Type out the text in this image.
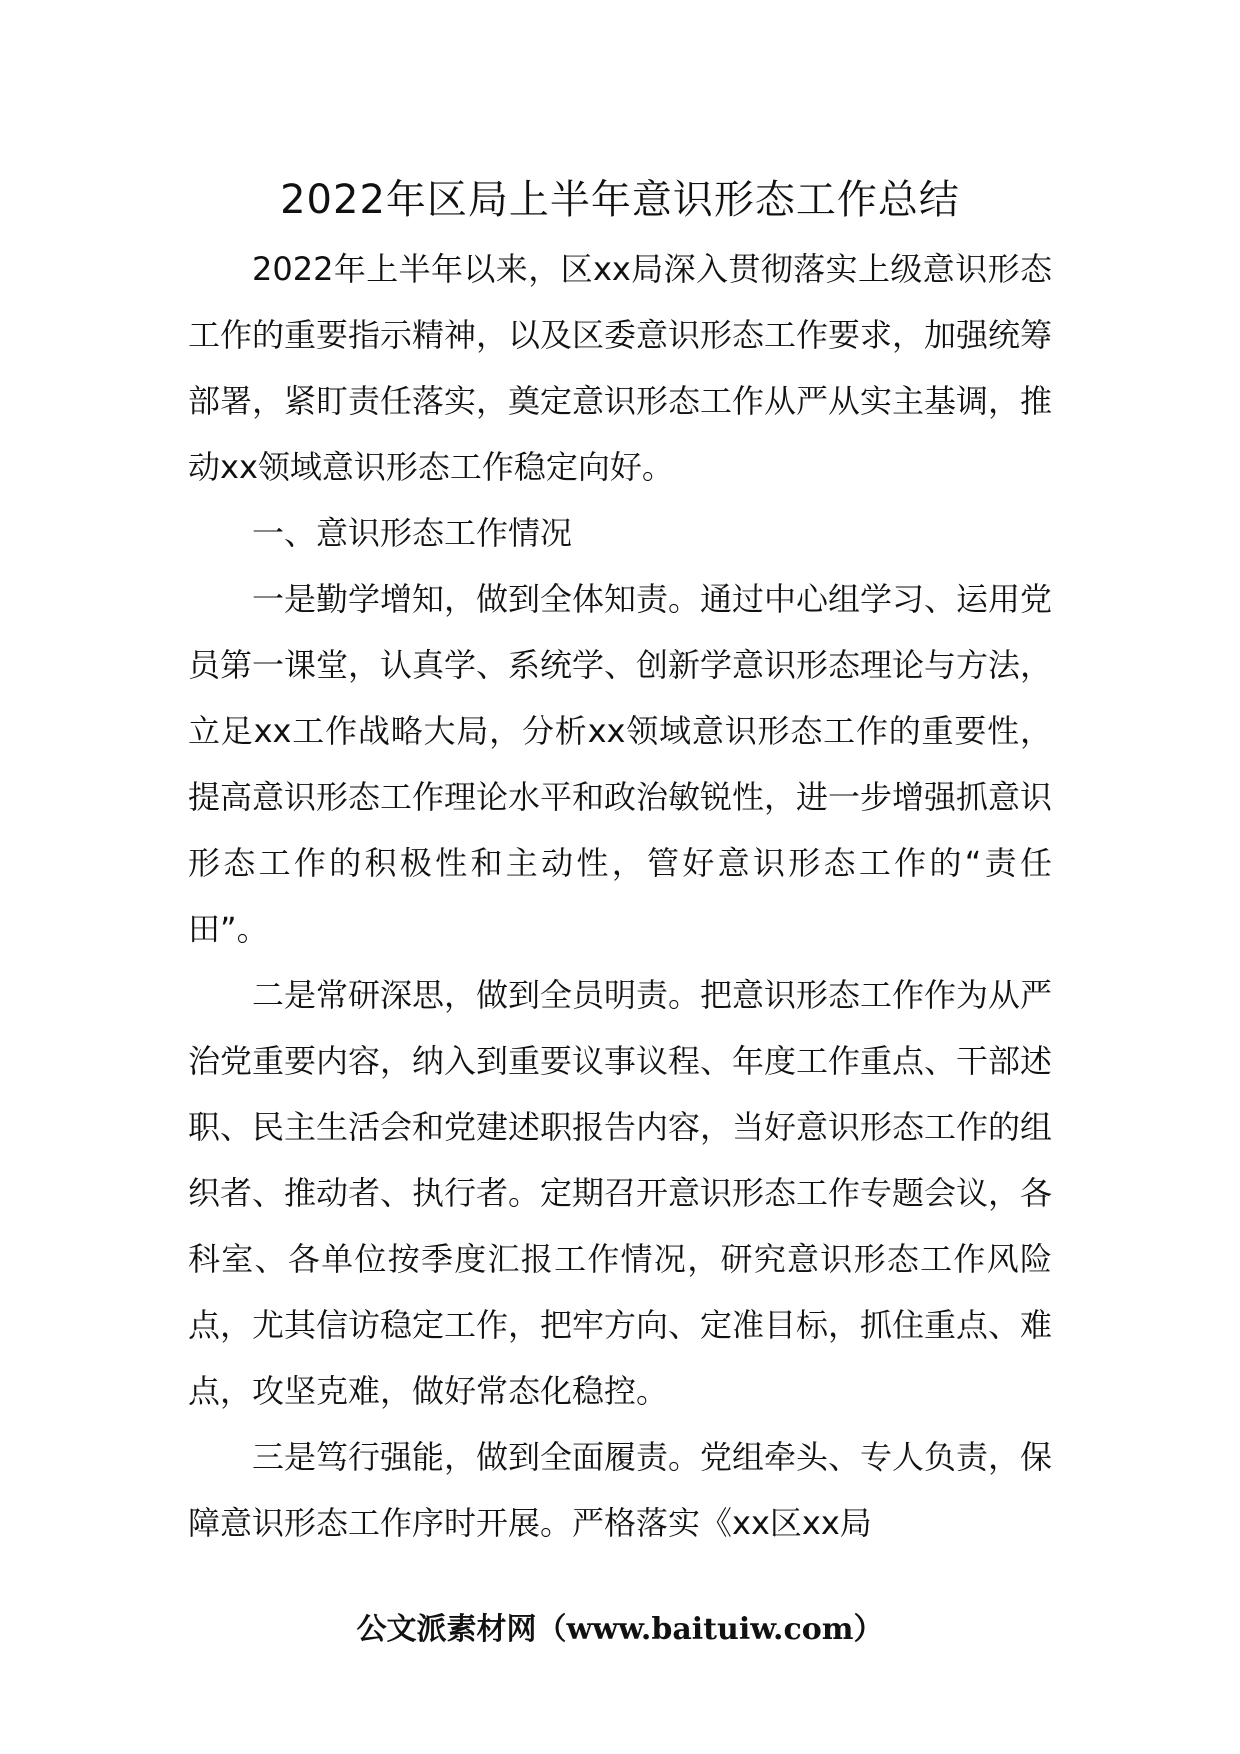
2022年区局上半年意识形态工作总结

2022年上半年以来，区xx局深入贯彻落实上级意识形态工作的重要指示精神，以及区委意识形态工作要求，加强统筹部署，紧盯责任落实，奠定意识形态工作从严从实主基调，推动xx领域意识形态工作稳定向好。

一、意识形态工作情况

一是勤学增知，做到全体知责。通过中心组学习、运用党员第一课堂，认真学、系统学、创新学意识形态理论与方法，立足xx工作战略大局，分析xx领域意识形态工作的重要性，提高意识形态工作理论水平和政治敏锐性，进一步增强抓意识形态工作的积极性和主动性，管好意识形态工作的“责任田”。

二是常研深思，做到全员明责。把意识形态工作作为从严治党重要内容，纳入到重要议事议程、年度工作重点、干部述职、民主生活会和党建述职报告内容，当好意识形态工作的组织者、推动者、执行者。定期召开意识形态工作专题会议，各科室、各单位按季度汇报工作情况，研究意识形态工作风险点，尤其信访稳定工作，把牢方向、定准目标，抓住重点、难点，攻坚克难，做好常态化稳控。

三是笃行强能，做到全面履责。党组牵头、专人负责，保障意识形态工作序时开展。严格落实《xx区xx局

公文派素材网（www.baituiw.com）
